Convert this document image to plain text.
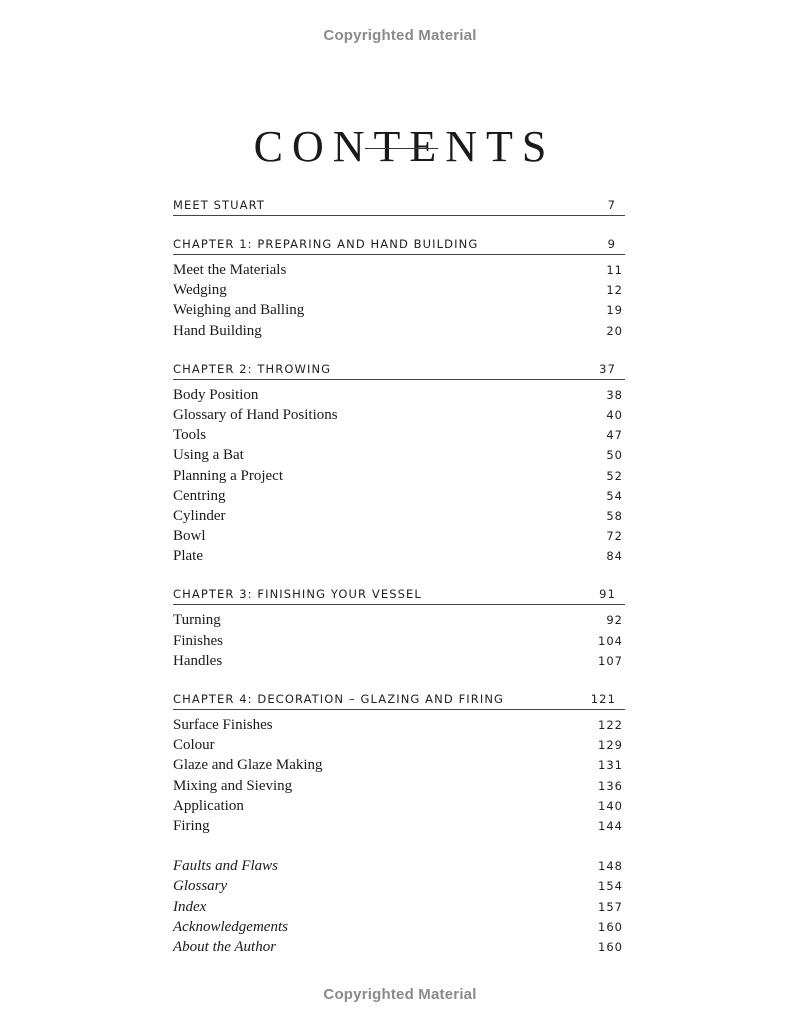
Copyrighted Material
CONTENTS
MEET STUART	7
CHAPTER 1: PREPARING AND HAND BUILDING	9
Meet the Materials	11
Wedging	12
Weighing and Balling	19
Hand Building	20
CHAPTER 2: THROWING	37
Body Position	38
Glossary of Hand Positions	40
Tools	47
Using a Bat	50
Planning a Project	52
Centring	54
Cylinder	58
Bowl	72
Plate	84
CHAPTER 3: FINISHING YOUR VESSEL	91
Turning	92
Finishes	104
Handles	107
CHAPTER 4: DECORATION – GLAZING AND FIRING	121
Surface Finishes	122
Colour	129
Glaze and Glaze Making	131
Mixing and Sieving	136
Application	140
Firing	144
Faults and Flaws	148
Glossary	154
Index	157
Acknowledgements	160
About the Author	160
Copyrighted Material
